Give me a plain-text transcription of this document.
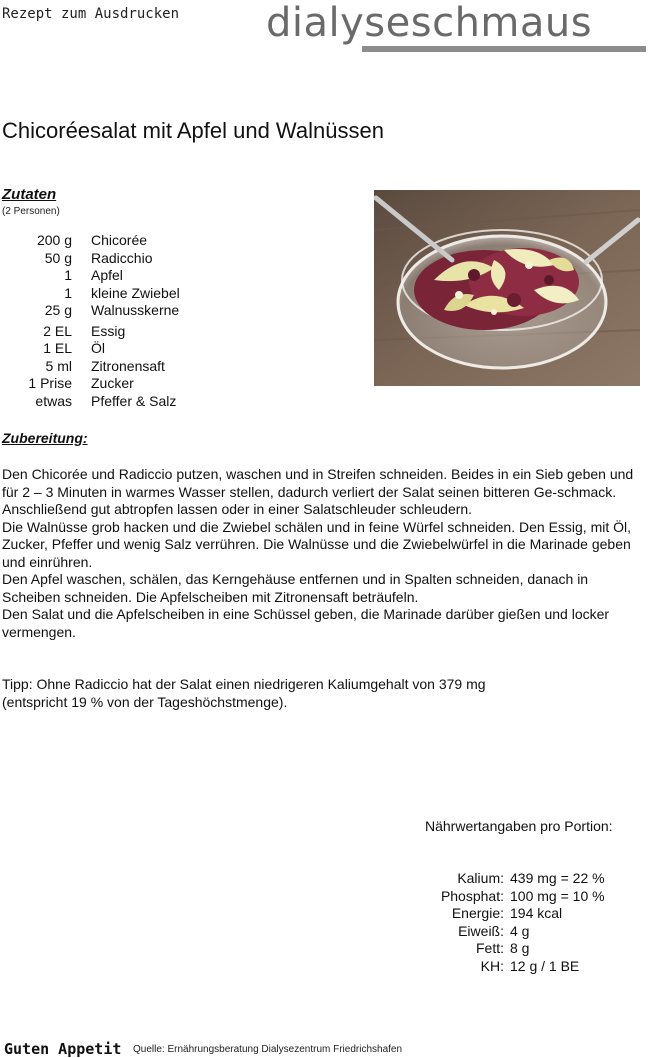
Rezept zum Ausdrucken dialyseschmaus
Chicoréesalat mit Apfel und Walnüssen
Zutaten
(2 Personen)
200 g Chicorée
50 g Radicchio
1 Apfel
1 kleine Zwiebel
25 g Walnusskerne
2 EL Essig
1 EL Öl
5 ml Zitronensaft
1 Prise Zucker
etwas Pfeffer & Salz
Zubereitung:

Den Chicorée und Radiccio putzen, waschen und in Streifen schneiden. Beides in ein Sieb geben und für 2 – 3 Minuten in warmes Wasser stellen, dadurch verliert der Salat seinen bitteren Ge-schmack. Anschließend gut abtropfen lassen oder in einer Salatschleuder schleudern.

Die Walnüsse grob hacken und die Zwiebel schälen und in feine Würfel schneiden. Den Essig, mit Öl, Zucker, Pfeffer und wenig Salz verrühren. Die Walnüsse und die Zwiebelwürfel in die Marinade geben und einrühren.

Den Apfel waschen, schälen, das Kerngehäuse entfernen und in Spalten schneiden, danach in Scheiben schneiden. Die Apfelscheiben mit Zitronensaft beträufeln.

Den Salat und die Apfelscheiben in eine Schüssel geben, die Marinade darüber gießen und locker vermengen.

Tipp: Ohne Radiccio hat der Salat einen niedrigeren Kaliumgehalt von 379 mg

(entspricht 19 % von der Tageshöchstmenge).

Nährwertangaben pro Portion:
Kalium: 439 mg = 22 %
Phosphat: 100 mg = 10 %
Energie: 194 kcal
Eiweiß: 4 g
Fett: 8 g
KH: 12 g / 1 BE
Guten Appetit Quelle: Ernährungsberatung Dialysezentrum Friedrichshafen
